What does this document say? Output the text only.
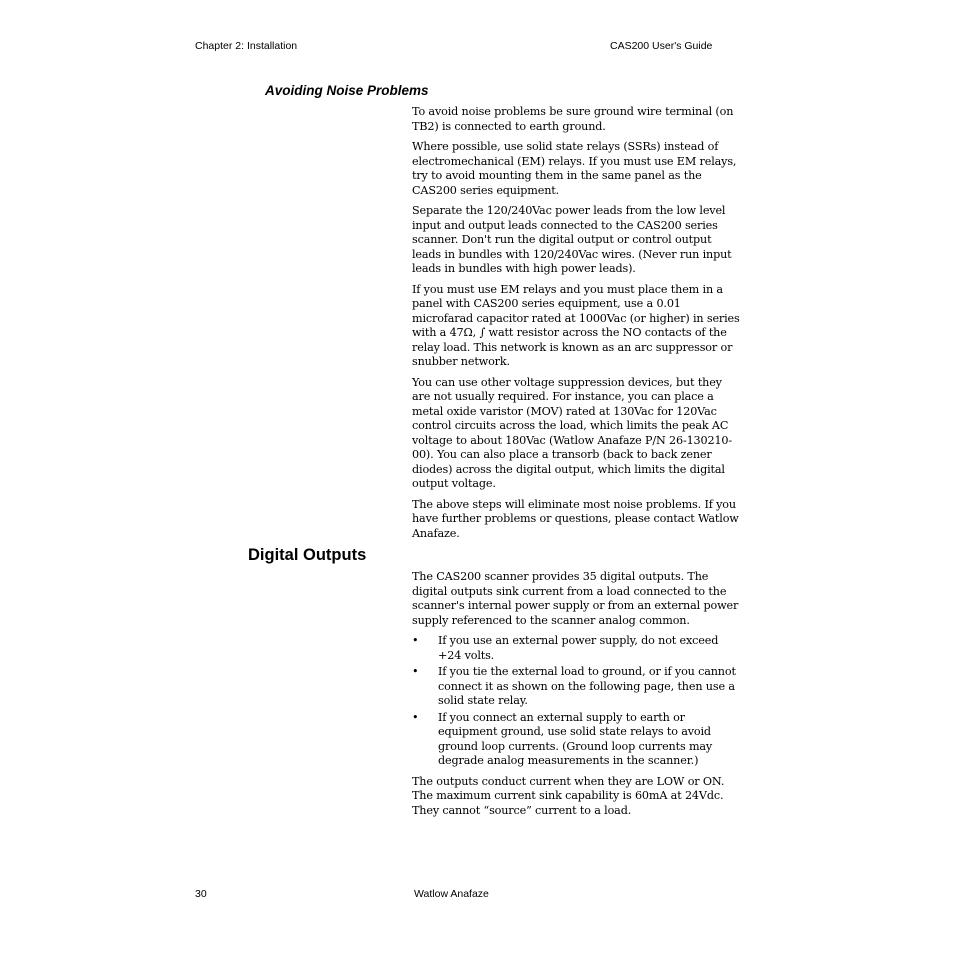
Chapter 2: Installation	CAS200 User's Guide
Avoiding Noise Problems

To avoid noise problems be sure ground wire terminal (on TB2) is connected to earth ground.

Where possible, use solid state relays (SSRs) instead of electromechanical (EM) relays. If you must use EM relays, try to avoid mounting them in the same panel as the CAS200 series equipment.

Separate the 120/240Vac power leads from the low level input and output leads connected to the CAS200 series scanner. Don't run the digital output or control output leads in bundles with 120/240Vac wires. (Never run input leads in bundles with high power leads).

If you must use EM relays and you must place them in a panel with CAS200 series equipment, use a 0.01 microfarad capacitor rated at 1000Vac (or higher) in series with a 47Ω, ∫ watt resistor across the NO contacts of the relay load. This network is known as an arc suppressor or snubber network.

You can use other voltage suppression devices, but they are not usually required. For instance, you can place a metal oxide varistor (MOV) rated at 130Vac for 120Vac control circuits across the load, which limits the peak AC voltage to about 180Vac (Watlow Anafaze P/N 26-130210-00). You can also place a transorb (back to back zener diodes) across the digital output, which limits the digital output voltage.

The above steps will eliminate most noise problems. If you have further problems or questions, please contact Watlow Anafaze.

Digital Outputs

The CAS200 scanner provides 35 digital outputs. The digital outputs sink current from a load connected to the scanner's internal power supply or from an external power supply referenced to the scanner analog common.

• If you use an external power supply, do not exceed +24 volts.
• If you tie the external load to ground, or if you cannot connect it as shown on the following page, then use a solid state relay.
• If you connect an external supply to earth or equipment ground, use solid state relays to avoid ground loop currents. (Ground loop currents may degrade analog measurements in the scanner.)

The outputs conduct current when they are LOW or ON. The maximum current sink capability is 60mA at 24Vdc. They cannot “source” current to a load.

30	Watlow Anafaze
